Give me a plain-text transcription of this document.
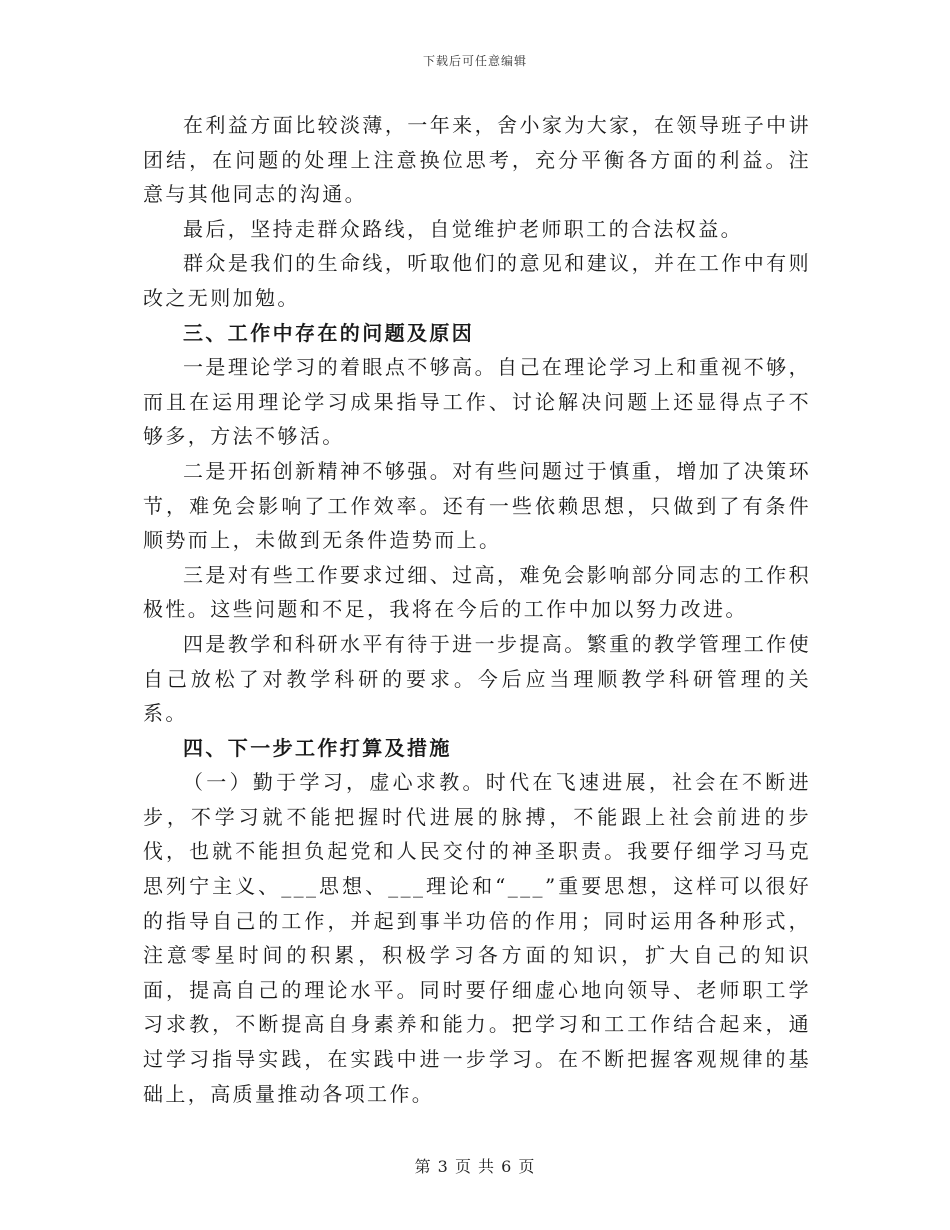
下载后可任意编辑

在利益方面比较淡薄，一年来，舍小家为大家，在领导班子中讲团结，在问题的处理上注意换位思考，充分平衡各方面的利益。注意与其他同志的沟通。

最后，坚持走群众路线，自觉维护老师职工的合法权益。

群众是我们的生命线，听取他们的意见和建议，并在工作中有则改之无则加勉。

三、工作中存在的问题及原因

一是理论学习的着眼点不够高。自己在理论学习上和重视不够，而且在运用理论学习成果指导工作、讨论解决问题上还显得点子不够多，方法不够活。

二是开拓创新精神不够强。对有些问题过于慎重，增加了决策环节，难免会影响了工作效率。还有一些依赖思想，只做到了有条件顺势而上，未做到无条件造势而上。

三是对有些工作要求过细、过高，难免会影响部分同志的工作积极性。这些问题和不足，我将在今后的工作中加以努力改进。

四是教学和科研水平有待于进一步提高。繁重的教学管理工作使自己放松了对教学科研的要求。今后应当理顺教学科研管理的关系。

四、下一步工作打算及措施

（一）勤于学习，虚心求教。时代在飞速进展，社会在不断进步，不学习就不能把握时代进展的脉搏，不能跟上社会前进的步伐，也就不能担负起党和人民交付的神圣职责。我要仔细学习马克思列宁主义、___思想、___理论和“___”重要思想，这样可以很好的指导自己的工作，并起到事半功倍的作用；同时运用各种形式，注意零星时间的积累，积极学习各方面的知识，扩大自己的知识面，提高自己的理论水平。同时要仔细虚心地向领导、老师职工学习求教，不断提高自身素养和能力。把学习和工工作结合起来，通过学习指导实践，在实践中进一步学习。在不断把握客观规律的基础上，高质量推动各项工作。

第 3 页 共 6 页
